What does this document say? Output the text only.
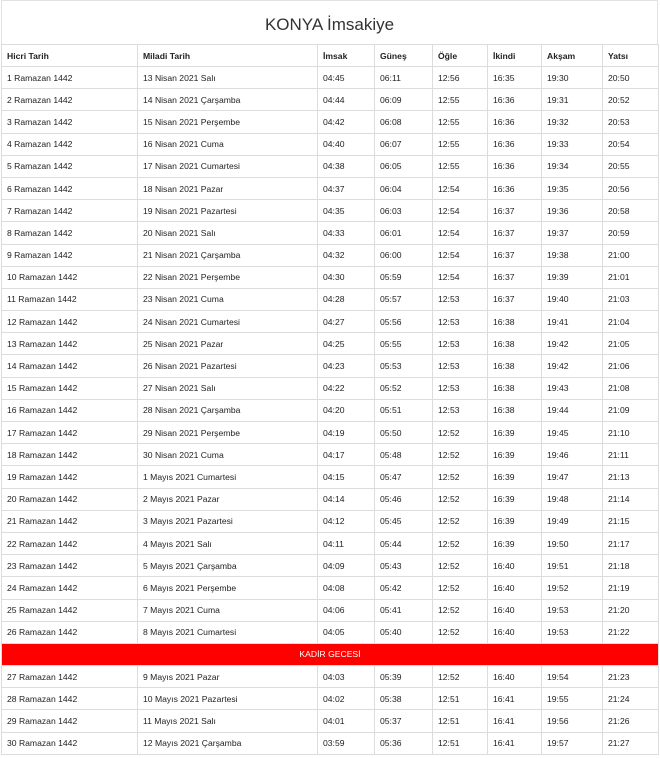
KONYA İmsakiye
Hicri Tarih	Miladi Tarih	İmsak	Güneş	Öğle	İkindi	Akşam	Yatsı
1 Ramazan 1442	13 Nisan 2021 Salı	04:45	06:11	12:56	16:35	19:30	20:50
2 Ramazan 1442	14 Nisan 2021 Çarşamba	04:44	06:09	12:55	16:36	19:31	20:52
3 Ramazan 1442	15 Nisan 2021 Perşembe	04:42	06:08	12:55	16:36	19:32	20:53
4 Ramazan 1442	16 Nisan 2021 Cuma	04:40	06:07	12:55	16:36	19:33	20:54
5 Ramazan 1442	17 Nisan 2021 Cumartesi	04:38	06:05	12:55	16:36	19:34	20:55
6 Ramazan 1442	18 Nisan 2021 Pazar	04:37	06:04	12:54	16:36	19:35	20:56
7 Ramazan 1442	19 Nisan 2021 Pazartesi	04:35	06:03	12:54	16:37	19:36	20:58
8 Ramazan 1442	20 Nisan 2021 Salı	04:33	06:01	12:54	16:37	19:37	20:59
9 Ramazan 1442	21 Nisan 2021 Çarşamba	04:32	06:00	12:54	16:37	19:38	21:00
10 Ramazan 1442	22 Nisan 2021 Perşembe	04:30	05:59	12:54	16:37	19:39	21:01
11 Ramazan 1442	23 Nisan 2021 Cuma	04:28	05:57	12:53	16:37	19:40	21:03
12 Ramazan 1442	24 Nisan 2021 Cumartesi	04:27	05:56	12:53	16:38	19:41	21:04
13 Ramazan 1442	25 Nisan 2021 Pazar	04:25	05:55	12:53	16:38	19:42	21:05
14 Ramazan 1442	26 Nisan 2021 Pazartesi	04:23	05:53	12:53	16:38	19:42	21:06
15 Ramazan 1442	27 Nisan 2021 Salı	04:22	05:52	12:53	16:38	19:43	21:08
16 Ramazan 1442	28 Nisan 2021 Çarşamba	04:20	05:51	12:53	16:38	19:44	21:09
17 Ramazan 1442	29 Nisan 2021 Perşembe	04:19	05:50	12:52	16:39	19:45	21:10
18 Ramazan 1442	30 Nisan 2021 Cuma	04:17	05:48	12:52	16:39	19:46	21:11
19 Ramazan 1442	1 Mayıs 2021 Cumartesi	04:15	05:47	12:52	16:39	19:47	21:13
20 Ramazan 1442	2 Mayıs 2021 Pazar	04:14	05:46	12:52	16:39	19:48	21:14
21 Ramazan 1442	3 Mayıs 2021 Pazartesi	04:12	05:45	12:52	16:39	19:49	21:15
22 Ramazan 1442	4 Mayıs 2021 Salı	04:11	05:44	12:52	16:39	19:50	21:17
23 Ramazan 1442	5 Mayıs 2021 Çarşamba	04:09	05:43	12:52	16:40	19:51	21:18
24 Ramazan 1442	6 Mayıs 2021 Perşembe	04:08	05:42	12:52	16:40	19:52	21:19
25 Ramazan 1442	7 Mayıs 2021 Cuma	04:06	05:41	12:52	16:40	19:53	21:20
26 Ramazan 1442	8 Mayıs 2021 Cumartesi	04:05	05:40	12:52	16:40	19:53	21:22
KADİR GECESİ							
27 Ramazan 1442	9 Mayıs 2021 Pazar	04:03	05:39	12:52	16:40	19:54	21:23
28 Ramazan 1442	10 Mayıs 2021 Pazartesi	04:02	05:38	12:51	16:41	19:55	21:24
29 Ramazan 1442	11 Mayıs 2021 Salı	04:01	05:37	12:51	16:41	19:56	21:26
30 Ramazan 1442	12 Mayıs 2021 Çarşamba	03:59	05:36	12:51	16:41	19:57	21:27
